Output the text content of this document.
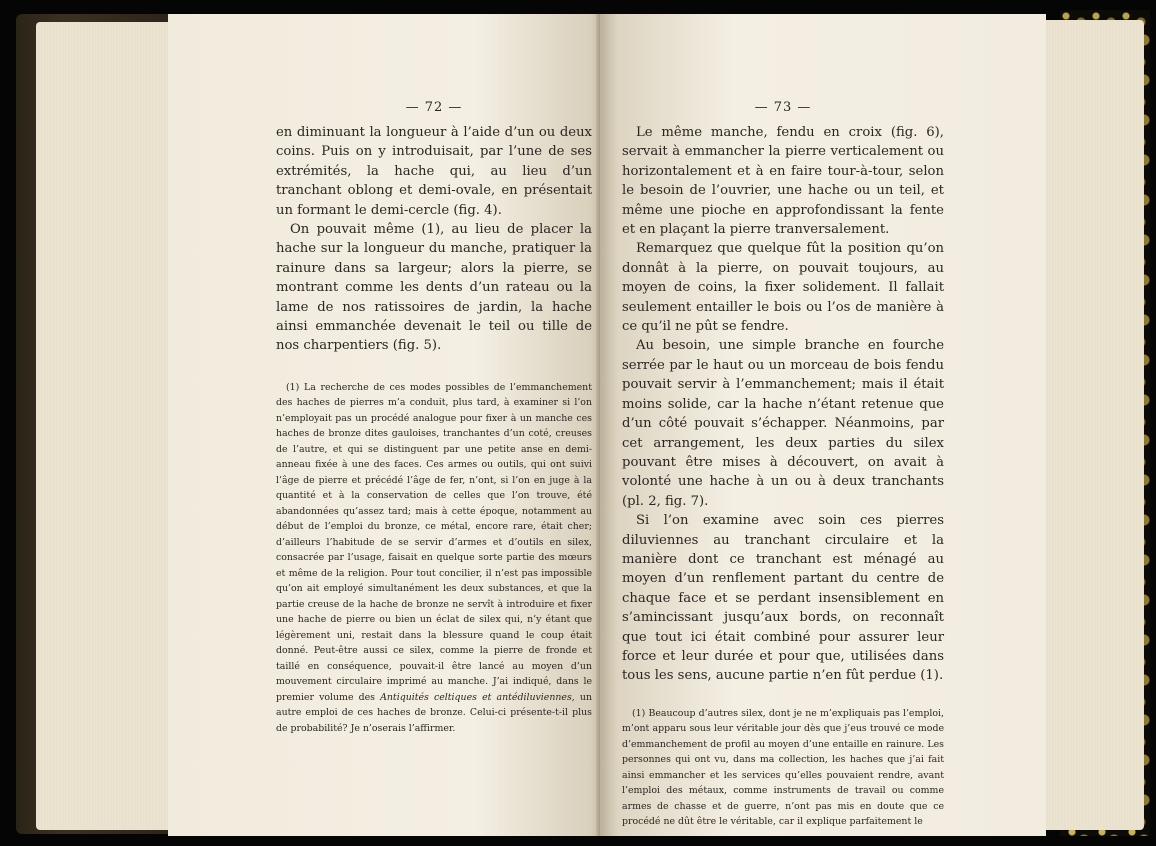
— 72 —

en diminuant la longueur à l’aide d’un ou deux coins. Puis on y introduisait, par l’une de ses extrémités, la hache qui, au lieu d’un tranchant oblong et demi-ovale, en présentait un formant le demi-cercle (fig. 4).

On pouvait même (1), au lieu de placer la hache sur la longueur du manche, pratiquer la rainure dans sa largeur; alors la pierre, se montrant comme les dents d’un rateau ou la lame de nos ratissoires de jardin, la hache ainsi emmanchée devenait le teil ou tille de nos charpentiers (fig. 5).

(1) La recherche de ces modes possibles de l’emmanchement des haches de pierres m’a conduit, plus tard, à examiner si l’on n’employait pas un procédé analogue pour fixer à un manche ces haches de bronze dites gauloises, tranchantes d’un coté, creuses de l’autre, et qui se distinguent par une petite anse en demi-anneau fixée à une des faces. Ces armes ou outils, qui ont suivi l’âge de pierre et précédé l’âge de fer, n’ont, si l’on en juge à la quantité et à la conservation de celles que l’on trouve, été abandonnées qu’assez tard; mais à cette époque, notamment au début de l’emploi du bronze, ce métal, encore rare, était cher; d’ailleurs l’habitude de se servir d’armes et d’outils en silex, consacrée par l’usage, faisait en quelque sorte partie des mœurs et même de la religion. Pour tout concilier, il n’est pas impossible qu’on ait employé simultanément les deux substances, et que la partie creuse de la hache de bronze ne servît à introduire et fixer une hache de pierre ou bien un éclat de silex qui, n’y étant que légèrement uni, restait dans la blessure quand le coup était donné. Peut-être aussi ce silex, comme la pierre de fronde et taillé en conséquence, pouvait-il être lancé au moyen d’un mouvement circulaire imprimé au manche. J’ai indiqué, dans le premier volume des Antiquités celtiques et antédiluviennes, un autre emploi de ces haches de bronze. Celui-ci présente-t-il plus de probabilité? Je n’oserais l’affirmer.

— 73 —

Le même manche, fendu en croix (fig. 6), servait à emmancher la pierre verticalement ou horizontalement et à en faire tour-à-tour, selon le besoin de l’ouvrier, une hache ou un teil, et même une pioche en approfondissant la fente et en plaçant la pierre tranversalement.

Remarquez que quelque fût la position qu’on donnât à la pierre, on pouvait toujours, au moyen de coins, la fixer solidement. Il fallait seulement entailler le bois ou l’os de manière à ce qu’il ne pût se fendre.

Au besoin, une simple branche en fourche serrée par le haut ou un morceau de bois fendu pouvait servir à l’emmanchement; mais il était moins solide, car la hache n’étant retenue que d’un côté pouvait s’échapper. Néanmoins, par cet arrangement, les deux parties du silex pouvant être mises à découvert, on avait à volonté une hache à un ou à deux tranchants (pl. 2, fig. 7).

Si l’on examine avec soin ces pierres diluviennes au tranchant circulaire et la manière dont ce tranchant est ménagé au moyen d’un renflement partant du centre de chaque face et se perdant insensiblement en s’amincissant jusqu’aux bords, on reconnaît que tout ici était combiné pour assurer leur force et leur durée et pour que, utilisées dans tous les sens, aucune partie n’en fût perdue (1).

(1) Beaucoup d’autres silex, dont je ne m’expliquais pas l’emploi, m’ont apparu sous leur véritable jour dès que j’eus trouvé ce mode d’emmanchement de profil au moyen d’une entaille en rainure. Les personnes qui ont vu, dans ma collection, les haches que j’ai fait ainsi emmancher et les services qu’elles pouvaient rendre, avant l’emploi des métaux, comme instruments de travail ou comme armes de chasse et de guerre, n’ont pas mis en doute que ce procédé ne dût être le véritable, car il explique parfaitement le
